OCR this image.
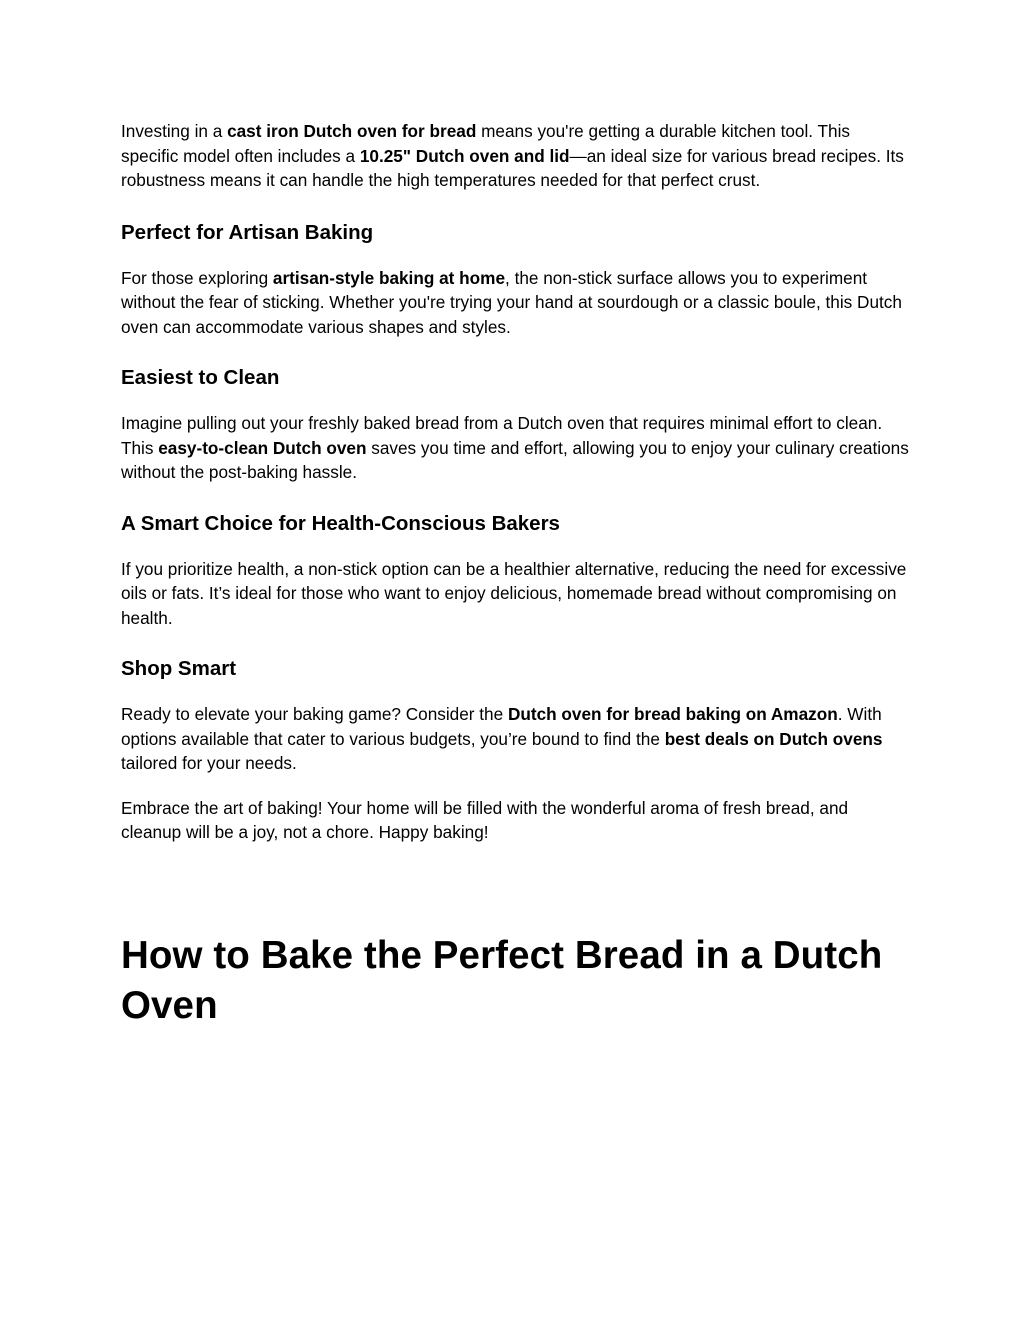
Investing in a cast iron Dutch oven for bread means you're getting a durable kitchen tool. This specific model often includes a 10.25" Dutch oven and lid—an ideal size for various bread recipes. Its robustness means it can handle the high temperatures needed for that perfect crust.

Perfect for Artisan Baking

For those exploring artisan-style baking at home, the non-stick surface allows you to experiment without the fear of sticking. Whether you're trying your hand at sourdough or a classic boule, this Dutch oven can accommodate various shapes and styles.

Easiest to Clean

Imagine pulling out your freshly baked bread from a Dutch oven that requires minimal effort to clean. This easy-to-clean Dutch oven saves you time and effort, allowing you to enjoy your culinary creations without the post-baking hassle.

A Smart Choice for Health-Conscious Bakers

If you prioritize health, a non-stick option can be a healthier alternative, reducing the need for excessive oils or fats. It’s ideal for those who want to enjoy delicious, homemade bread without compromising on health.

Shop Smart

Ready to elevate your baking game? Consider the Dutch oven for bread baking on Amazon. With options available that cater to various budgets, you’re bound to find the best deals on Dutch ovens tailored for your needs.

Embrace the art of baking! Your home will be filled with the wonderful aroma of fresh bread, and cleanup will be a joy, not a chore. Happy baking!

How to Bake the Perfect Bread in a Dutch Oven
